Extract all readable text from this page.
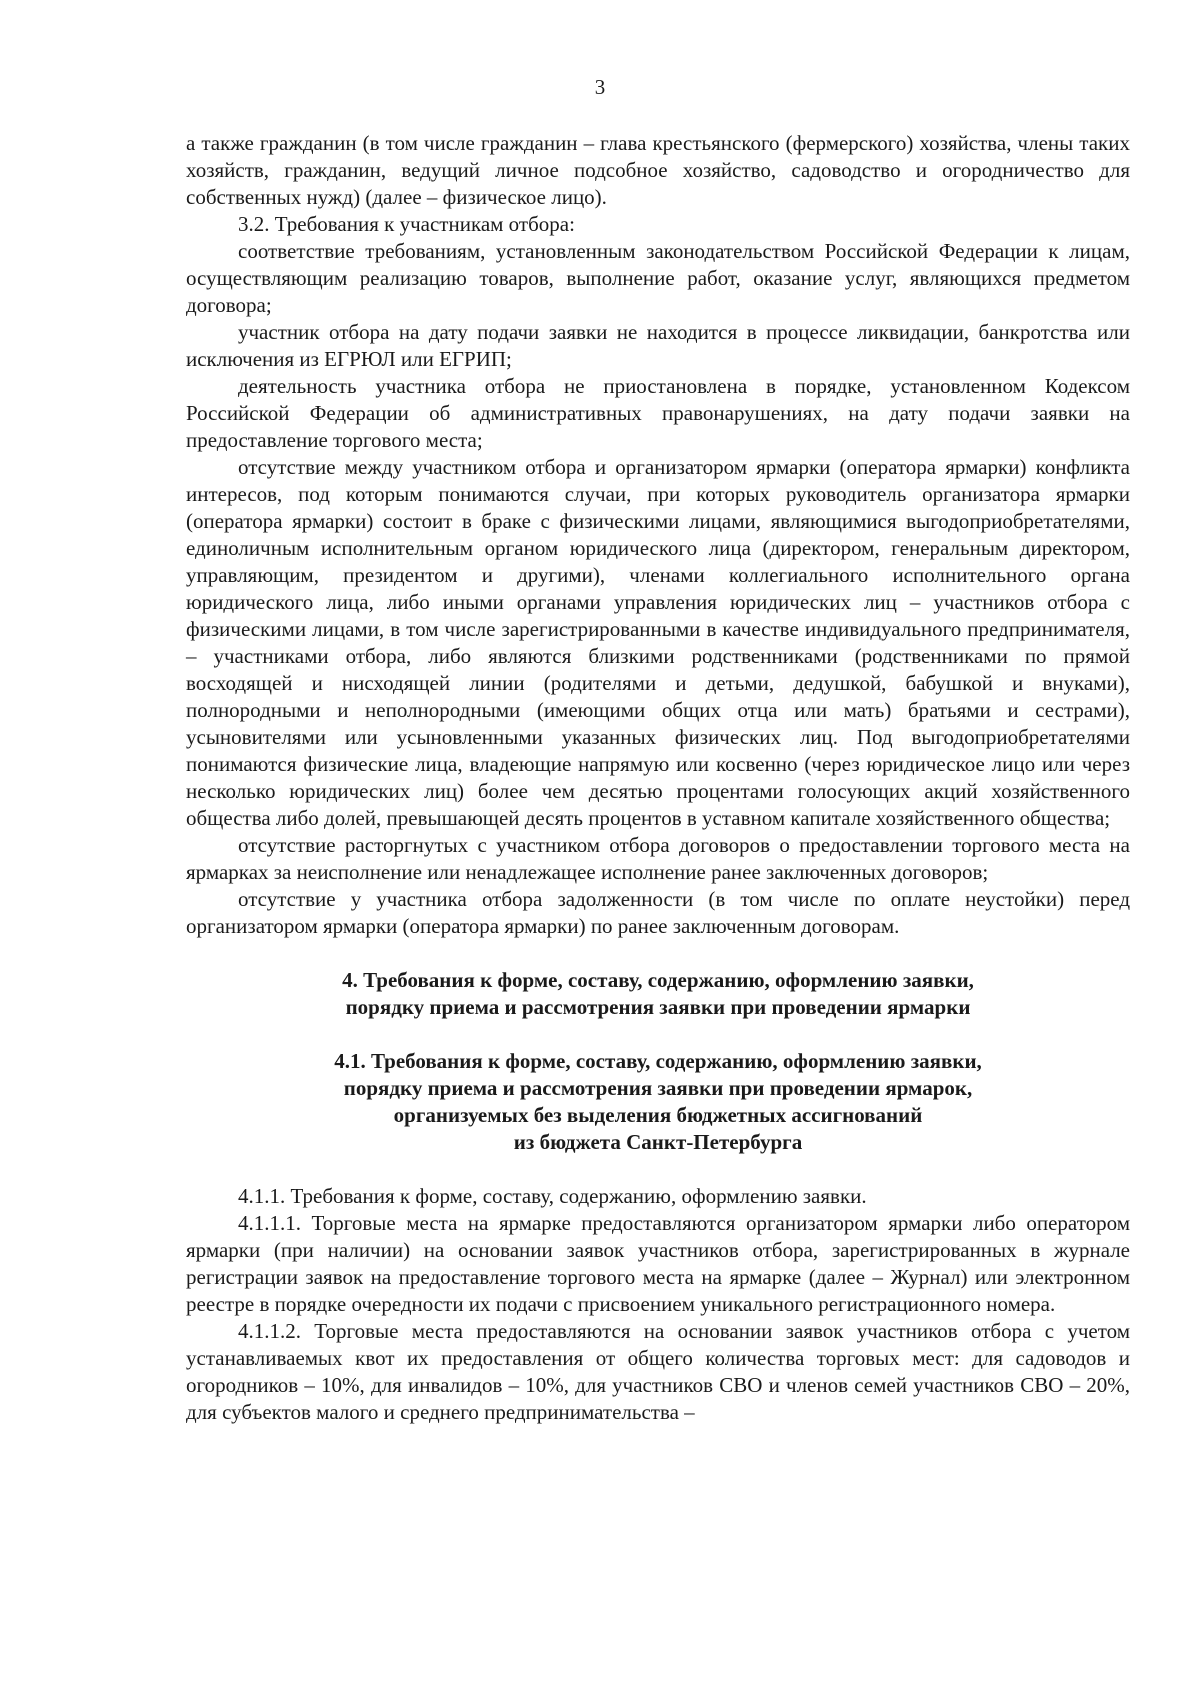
3

а также гражданин (в том числе гражданин – глава крестьянского (фермерского) хозяйства, члены таких хозяйств, гражданин, ведущий личное подсобное хозяйство, садоводство и огородничество для собственных нужд) (далее – физическое лицо).

3.2. Требования к участникам отбора:

соответствие требованиям, установленным законодательством Российской Федерации к лицам, осуществляющим реализацию товаров, выполнение работ, оказание услуг, являющихся предметом договора;

участник отбора на дату подачи заявки не находится в процессе ликвидации, банкротства или исключения из ЕГРЮЛ или ЕГРИП;

деятельность участника отбора не приостановлена в порядке, установленном Кодексом Российской Федерации об административных правонарушениях, на дату подачи заявки на предоставление торгового места;

отсутствие между участником отбора и организатором ярмарки (оператора ярмарки) конфликта интересов, под которым понимаются случаи, при которых руководитель организатора ярмарки (оператора ярмарки) состоит в браке с физическими лицами, являющимися выгодоприобретателями, единоличным исполнительным органом юридического лица (директором, генеральным директором, управляющим, президентом и другими), членами коллегиального исполнительного органа юридического лица, либо иными органами управления юридических лиц – участников отбора с физическими лицами, в том числе зарегистрированными в качестве индивидуального предпринимателя, – участниками отбора, либо являются близкими родственниками (родственниками по прямой восходящей и нисходящей линии (родителями и детьми, дедушкой, бабушкой и внуками), полнородными и неполнородными (имеющими общих отца или мать) братьями и сестрами), усыновителями или усыновленными указанных физических лиц. Под выгодоприобретателями понимаются физические лица, владеющие напрямую или косвенно (через юридическое лицо или через несколько юридических лиц) более чем десятью процентами голосующих акций хозяйственного общества либо долей, превышающей десять процентов в уставном капитале хозяйственного общества;

отсутствие расторгнутых с участником отбора договоров о предоставлении торгового места на ярмарках за неисполнение или ненадлежащее исполнение ранее заключенных договоров;

отсутствие у участника отбора задолженности (в том числе по оплате неустойки) перед организатором ярмарки (оператора ярмарки) по ранее заключенным договорам.

4. Требования к форме, составу, содержанию, оформлению заявки,

порядку приема и рассмотрения заявки при проведении ярмарки

4.1. Требования к форме, составу, содержанию, оформлению заявки,

порядку приема и рассмотрения заявки при проведении ярмарок,

организуемых без выделения бюджетных ассигнований

из бюджета Санкт-Петербурга

4.1.1. Требования к форме, составу, содержанию, оформлению заявки.

4.1.1.1. Торговые места на ярмарке предоставляются организатором ярмарки либо оператором ярмарки (при наличии) на основании заявок участников отбора, зарегистрированных в журнале регистрации заявок на предоставление торгового места на ярмарке (далее – Журнал) или электронном реестре в порядке очередности их подачи с присвоением уникального регистрационного номера.

4.1.1.2. Торговые места предоставляются на основании заявок участников отбора с учетом устанавливаемых квот их предоставления от общего количества торговых мест: для садоводов и огородников – 10%, для инвалидов – 10%, для участников СВО и членов семей участников СВО – 20%, для субъектов малого и среднего предпринимательства –
